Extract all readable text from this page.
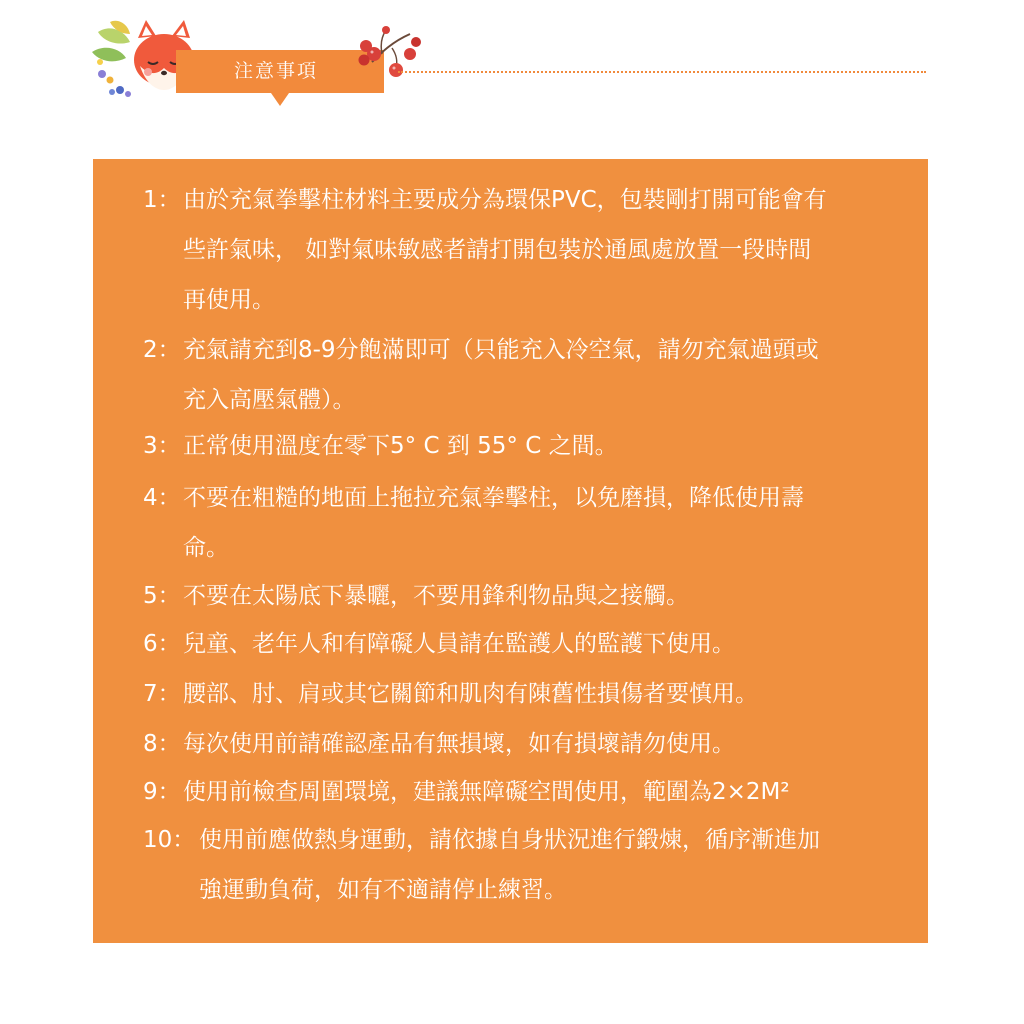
注意事項
1： 由於充氣拳擊柱材料主要成分為環保PVC，包裝剛打開可能會有些許氣味， 如對氣味敏感者請打開包裝於通風處放置一段時間再使用。
2： 充氣請充到8-9分飽滿即可（只能充入冷空氣，請勿充氣過頭或充入高壓氣體）。
3： 正常使用溫度在零下5° C 到 55° C 之間。
4： 不要在粗糙的地面上拖拉充氣拳擊柱，以免磨損，降低使用壽命。
5： 不要在太陽底下暴曬，不要用鋒利物品與之接觸。
6： 兒童、老年人和有障礙人員請在監護人的監護下使用。
7： 腰部、肘、肩或其它關節和肌肉有陳舊性損傷者要慎用。
8： 每次使用前請確認產品有無損壞，如有損壞請勿使用。
9： 使用前檢查周圍環境，建議無障礙空間使用，範圍為2×2M²
10： 使用前應做熱身運動，請依據自身狀況進行鍛煉，循序漸進加強運動負荷，如有不適請停止練習。
